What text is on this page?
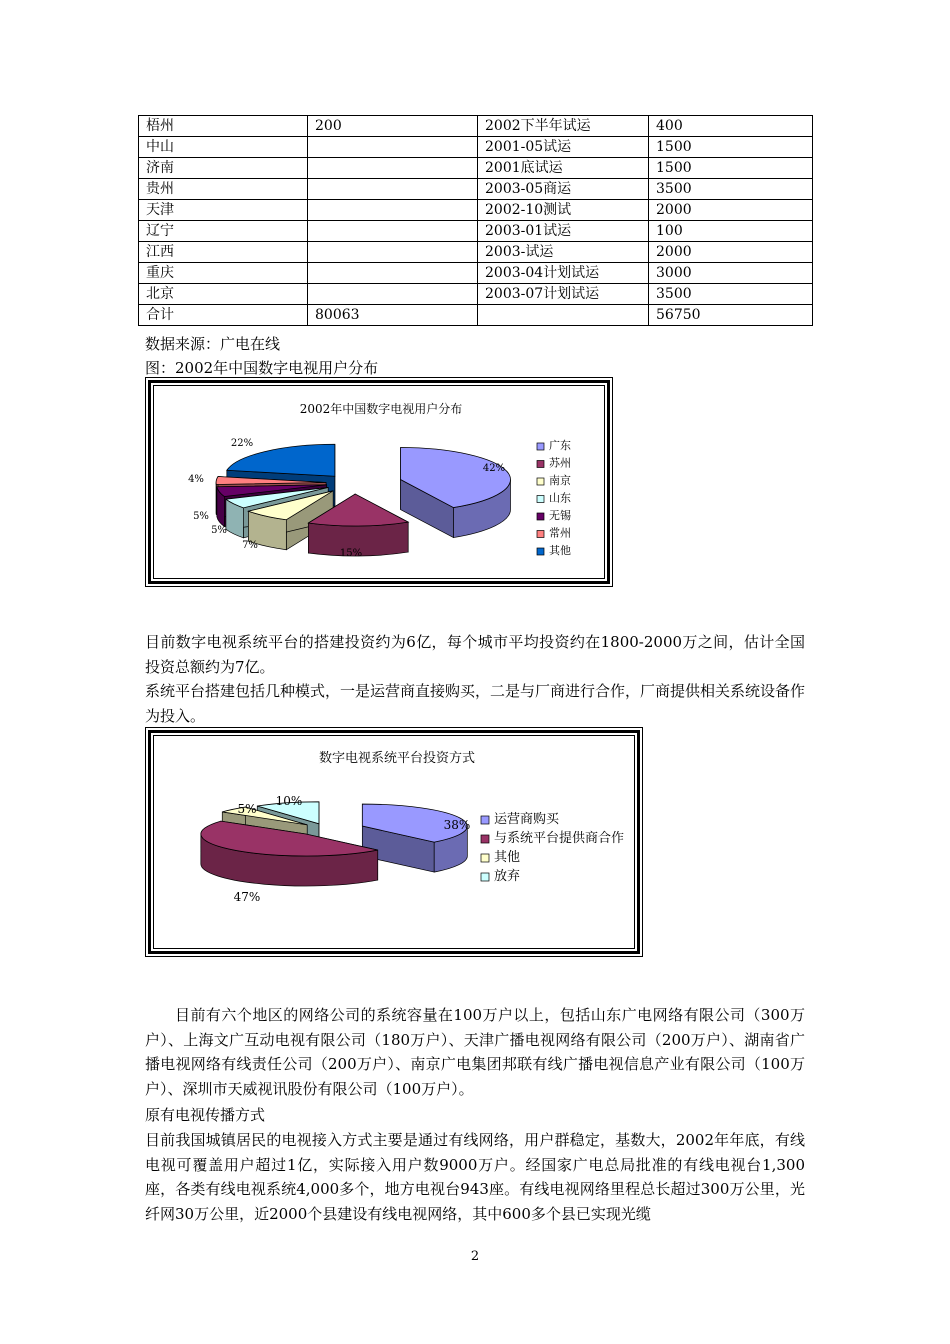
梧州	200	2002下半年试运	400
中山		2001-05试运	1500
济南		2001底试运	1500
贵州		2003-05商运	3500
天津		2002-10测试	2000
辽宁		2003-01试运	100
江西		2003-试运	2000
重庆		2003-04计划试运	3000
北京		2003-07计划试运	3500
合计	80063		56750
数据来源：广电在线
图：2002年中国数字电视用户分布
2002年中国数字电视用户分布
42%
15%
7%
5%
5%
4%
22%	广东
苏州
南京
山东
无锡
常州
其他

目前数字电视系统平台的搭建投资约为6亿，每个城市平均投资约在1800-2000万之间，估计全国投资总额约为7亿。

系统平台搭建包括几种模式，一是运营商直接购买，二是与厂商进行合作，厂商提供相关系统设备作为投入。

数字电视系统平台投资方式
38%
47%
5%
10%
运营商购买
与系统平台提供商合作
其他
放弃
目前有六个地区的网络公司的系统容量在100万户以上，包括山东广电网络有限公司（300万户）、上海文广互动电视有限公司（180万户）、天津广播电视网络有限公司（200万户）、湖南省广播电视网络有线责任公司（200万户）、南京广电集团邦联有线广播电视信息产业有限公司（100万户）、深圳市天威视讯股份有限公司（100万户）。
原有电视传播方式
目前我国城镇居民的电视接入方式主要是通过有线网络，用户群稳定，基数大，2002年年底，有线电视可覆盖用户超过1亿，实际接入用户数9000万户。经国家广电总局批准的有线电视台1,300座，各类有线电视系统4,000多个，地方电视台943座。有线电视网络里程总长超过300万公里，光纤网30万公里，近2000个县建设有线电视网络，其中600多个县已实现光缆
2
